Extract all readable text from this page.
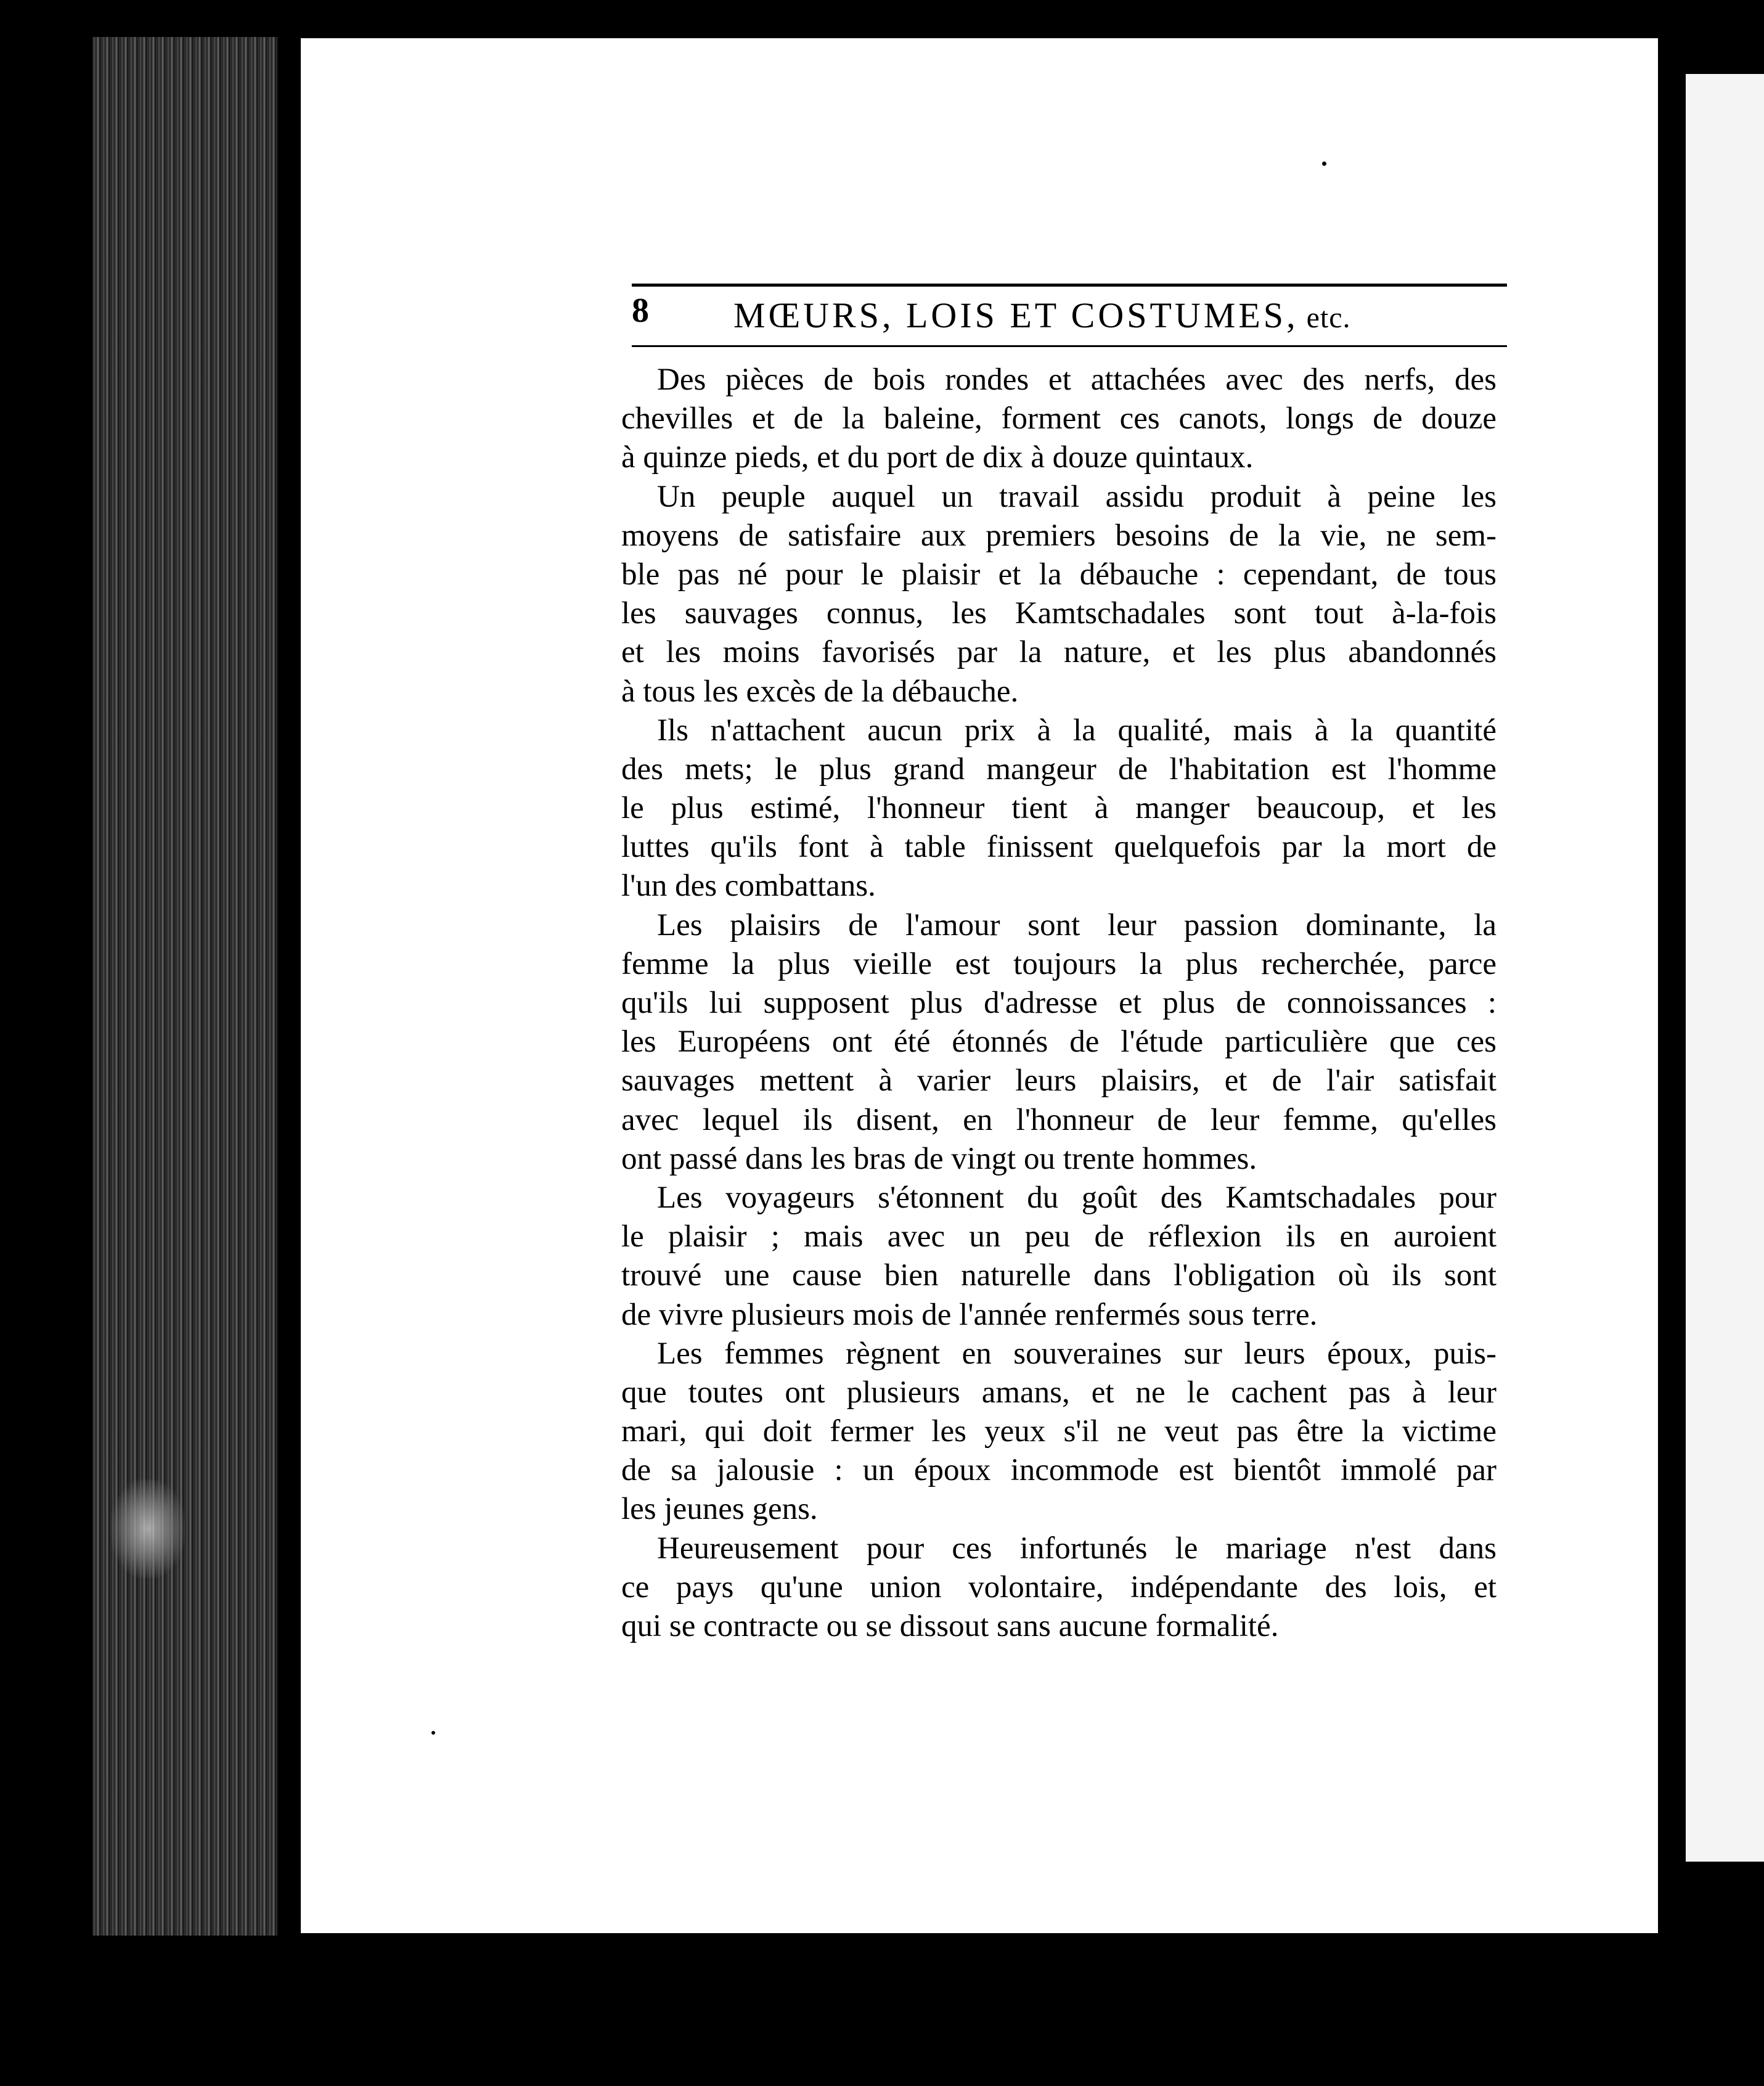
8 MŒURS, LOIS ET COSTUMES, etc.
Des pièces de bois rondes et attachées avec des nerfs, des
chevilles et de la baleine, forment ces canots, longs de douze
à quinze pieds, et du port de dix à douze quintaux.
Un peuple auquel un travail assidu produit à peine les
moyens de satisfaire aux premiers besoins de la vie, ne sem-
ble pas né pour le plaisir et la débauche : cependant, de tous
les sauvages connus, les Kamtschadales sont tout à-la-fois
et les moins favorisés par la nature, et les plus abandonnés
à tous les excès de la débauche.
Ils n'attachent aucun prix à la qualité, mais à la quantité
des mets; le plus grand mangeur de l'habitation est l'homme
le plus estimé, l'honneur tient à manger beaucoup, et les
luttes qu'ils font à table finissent quelquefois par la mort de
l'un des combattans.
Les plaisirs de l'amour sont leur passion dominante, la
femme la plus vieille est toujours la plus recherchée, parce
qu'ils lui supposent plus d'adresse et plus de connoissances :
les Européens ont été étonnés de l'étude particulière que ces
sauvages mettent à varier leurs plaisirs, et de l'air satisfait
avec lequel ils disent, en l'honneur de leur femme, qu'elles
ont passé dans les bras de vingt ou trente hommes.
Les voyageurs s'étonnent du goût des Kamtschadales pour
le plaisir ; mais avec un peu de réflexion ils en auroient
trouvé une cause bien naturelle dans l'obligation où ils sont
de vivre plusieurs mois de l'année renfermés sous terre.
Les femmes règnent en souveraines sur leurs époux, puis-
que toutes ont plusieurs amans, et ne le cachent pas à leur
mari, qui doit fermer les yeux s'il ne veut pas être la victime
de sa jalousie : un époux incommode est bientôt immolé par
les jeunes gens.
Heureusement pour ces infortunés le mariage n'est dans
ce pays qu'une union volontaire, indépendante des lois, et
qui se contracte ou se dissout sans aucune formalité.
